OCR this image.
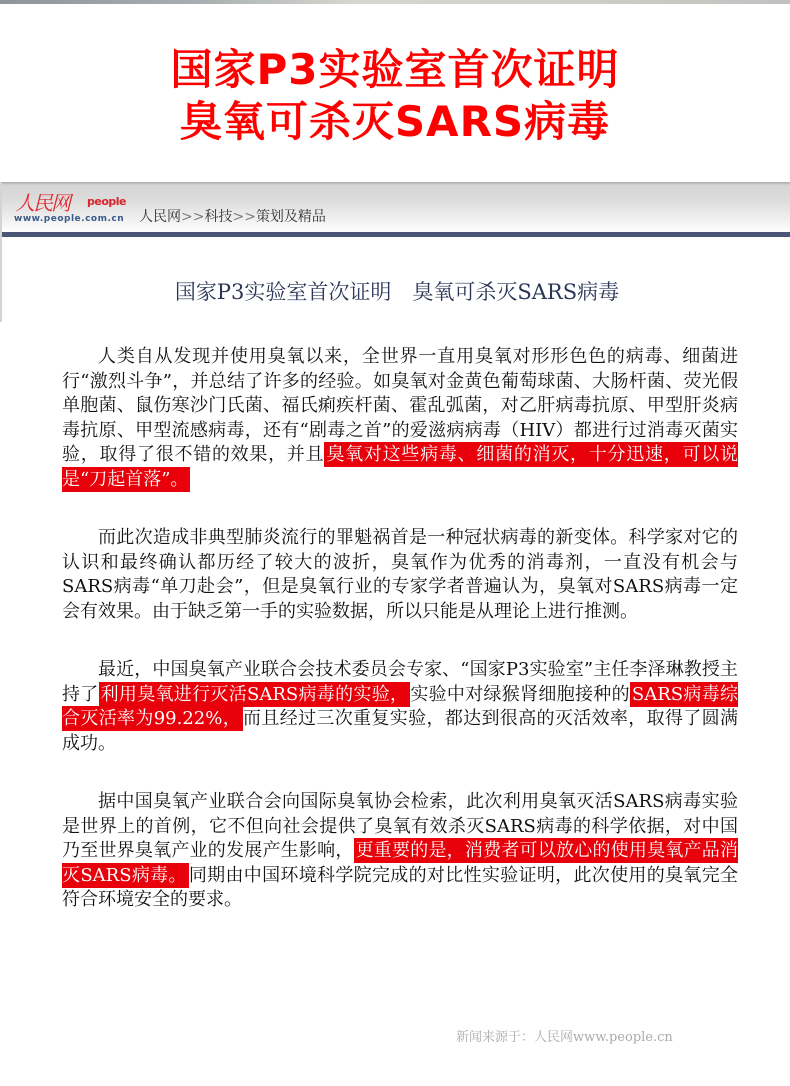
国家P3实验室首次证明
臭氧可杀灭SARS病毒
人民网 people
www.people.com.cn 人民网>>科技>>策划及精品
国家P3实验室首次证明　臭氧可杀灭SARS病毒

人类自从发现并使用臭氧以来，全世界一直用臭氧对形形色色的病毒、细菌进行“激烈斗争”，并总结了许多的经验。如臭氧对金黄色葡萄球菌、大肠杆菌、荧光假单胞菌、鼠伤寒沙门氏菌、福氏痢疾杆菌、霍乱弧菌，对乙肝病毒抗原、甲型肝炎病毒抗原、甲型流感病毒，还有“剧毒之首”的爱滋病病毒（HIV）都进行过消毒灭菌实验，取得了很不错的效果，并且 臭氧对这些病毒、细菌的消灭，十分迅速，可以说是“刀起首落”。

而此次造成非典型肺炎流行的罪魁祸首是一种冠状病毒的新变体。科学家对它的认识和最终确认都历经了较大的波折，臭氧作为优秀的消毒剂，一直没有机会与SARS病毒“单刀赴会”，但是臭氧行业的专家学者普遍认为，臭氧对SARS病毒一定会有效果。由于缺乏第一手的实验数据，所以只能是从理论上进行推测。

最近，中国臭氧产业联合会技术委员会专家、“国家P3实验室”主任李泽琳教授主持了 利用臭氧进行灭活SARS病毒的实验， 实验中对绿猴肾细胞接种的 SARS病毒综合灭活率为99.22%， 而且经过三次重复实验，都达到很高的灭活效率，取得了圆满成功。

据中国臭氧产业联合会向国际臭氧协会检索，此次利用臭氧灭活SARS病毒实验是世界上的首例，它不但向社会提供了臭氧有效杀灭SARS病毒的科学依据，对中国乃至世界臭氧产业的发展产生影响， 更重要的是，消费者可以放心的使用臭氧产品消灭SARS病毒。 同期由中国环境科学院完成的对比性实验证明，此次使用的臭氧完全符合环境安全的要求。

新闻来源于：人民网www.people.cn
